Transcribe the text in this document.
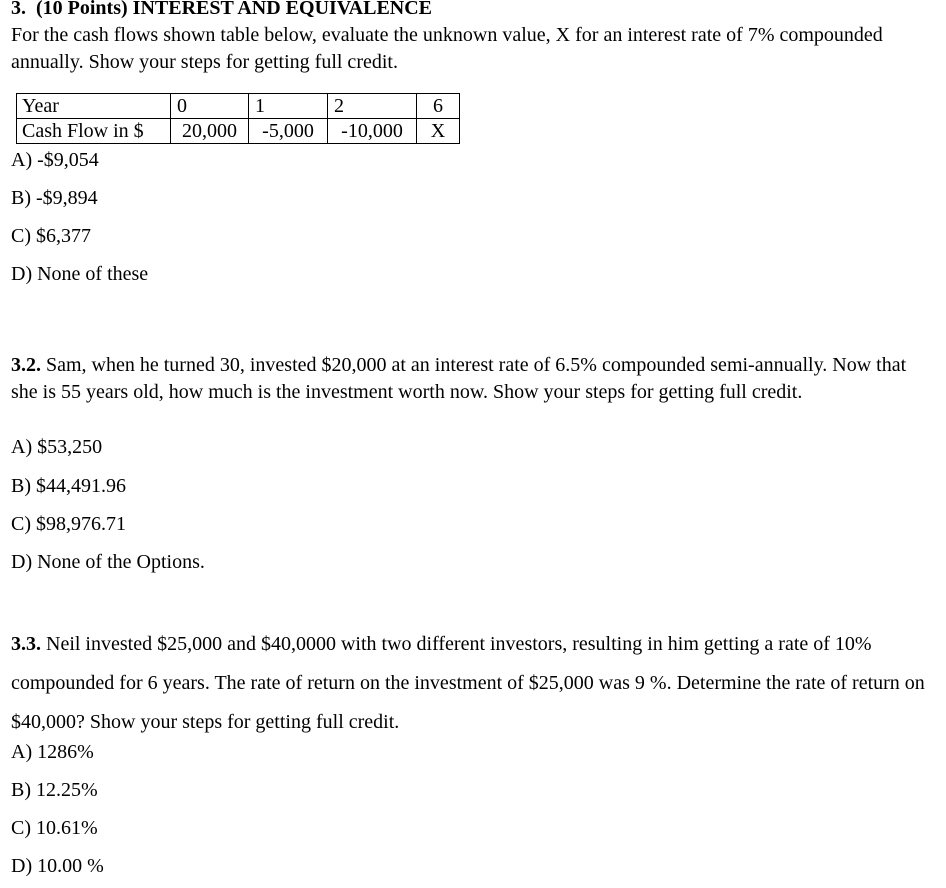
3. (10 Points) INTEREST AND EQUIVALENCE
For the cash flows shown table below, evaluate the unknown value, X for an interest rate of 7% compounded annually. Show your steps for getting full credit.
Year	0	1	2	6
Cash Flow in $	20,000	-5,000	-10,000	X
A) -$9,054
B) -$9,894
C) $6,377
D) None of these
3.2. Sam, when he turned 30, invested $20,000 at an interest rate of 6.5% compounded semi-annually. Now that she is 55 years old, how much is the investment worth now. Show your steps for getting full credit.
A) $53,250
B) $44,491.96
C) $98,976.71
D) None of the Options.
3.3. Neil invested $25,000 and $40,0000 with two different investors, resulting in him getting a rate of 10% compounded for 6 years. The rate of return on the investment of $25,000 was 9 %. Determine the rate of return on $40,000? Show your steps for getting full credit.
A) 1286%
B) 12.25%
C) 10.61%
D) 10.00 %
